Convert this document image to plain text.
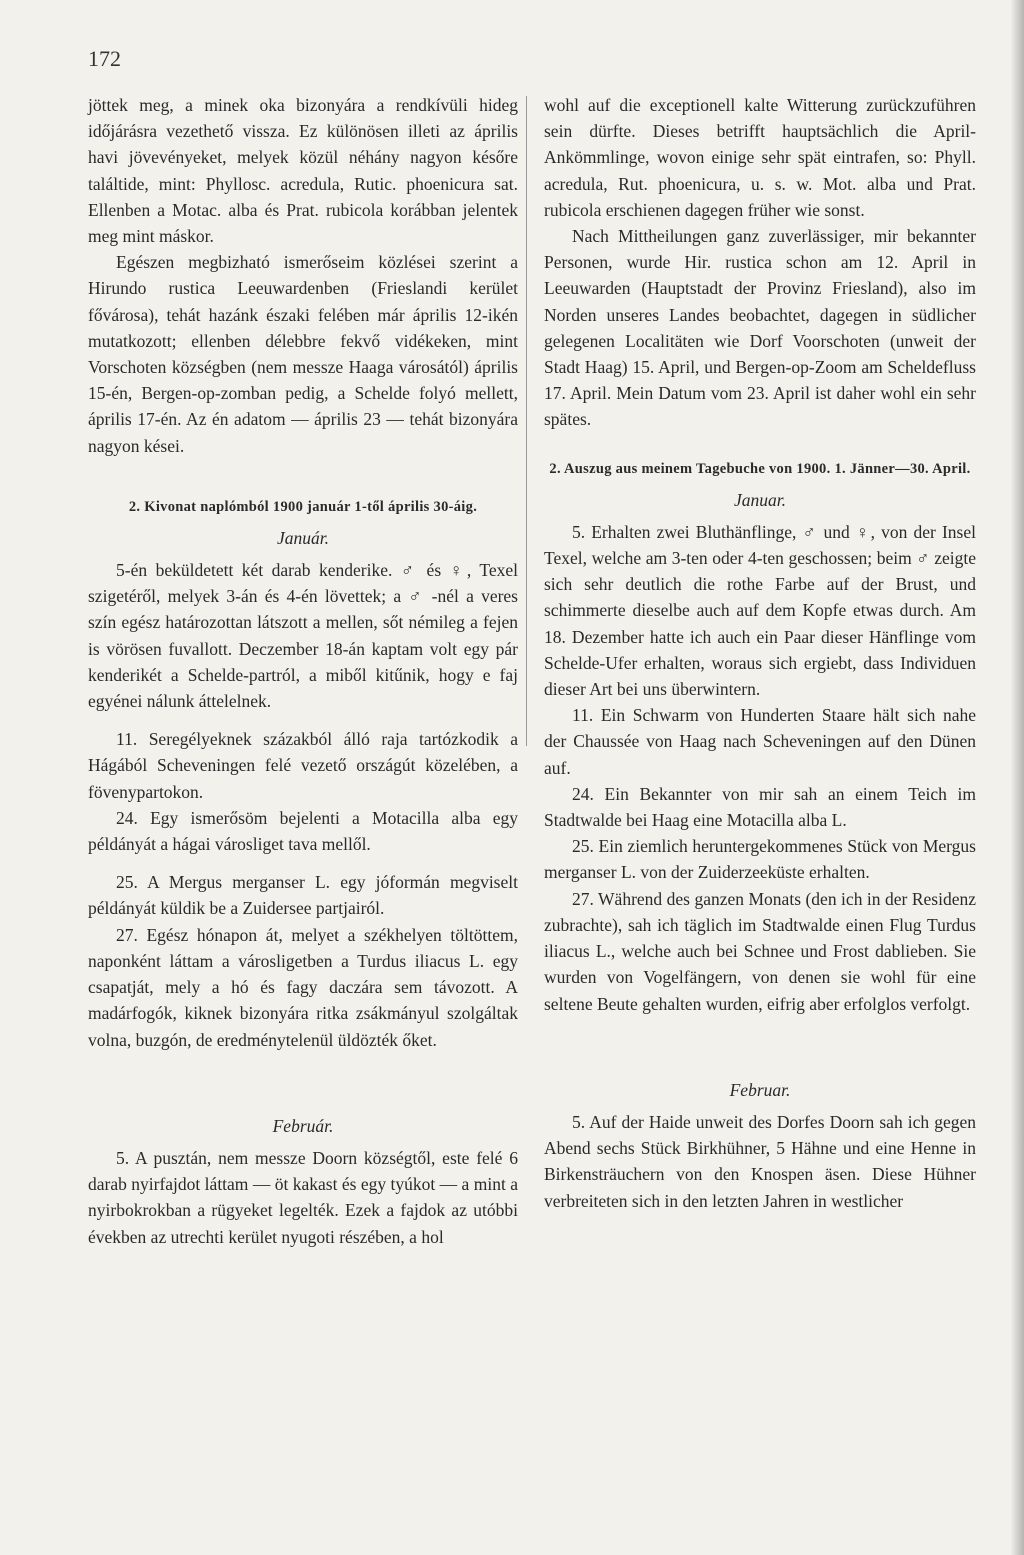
172

jöttek meg, a minek oka bizonyára a rendkívüli hideg időjárásra vezethető vissza. Ez különösen illeti az április havi jövevényeket, melyek közül néhány nagyon későre találtide, mint: Phyllosc. acredula, Rutic. phoenicura sat. Ellenben a Motac. alba és Prat. rubicola korábban jelentek meg mint máskor.

Egészen megbizható ismerőseim közlései szerint a Hirundo rustica Leeuwardenben (Frieslandi kerület fővárosa), tehát hazánk északi felében már április 12-ikén mutatkozott; ellenben délebbre fekvő vidékeken, mint Vorschoten községben (nem messze Haaga városától) április 15-én, Bergen-op-zomban pedig, a Schelde folyó mellett, április 17-én. Az én adatom — április 23 — tehát bizonyára nagyon kései.

2. Kivonat naplómból 1900 január 1-től április 30-áig.

Január.

5-én beküldetett két darab kenderike. ♂ és ♀, Texel szigetéről, melyek 3-án és 4-én lövettek; a ♂ -nél a veres szín egész határozottan látszott a mellen, sőt némileg a fejen is vörösen fuvallott. Deczember 18-án kaptam volt egy pár kenderikét a Schelde-partról, a miből kitűnik, hogy e faj egyénei nálunk áttelelnek.

11. Seregélyeknek százakból álló raja tartózkodik a Hágából Scheveningen felé vezető országút közelében, a fövenypartokon.

24. Egy ismerősöm bejelenti a Motacilla alba egy példányát a hágai városliget tava mellől.

25. A Mergus merganser L. egy jóformán megviselt példányát küldik be a Zuidersee partjairól.

27. Egész hónapon át, melyet a székhelyen töltöttem, naponként láttam a városligetben a Turdus iliacus L. egy csapatját, mely a hó és fagy daczára sem távozott. A madárfogók, kiknek bizonyára ritka zsákmányul szolgáltak volna, buzgón, de eredménytelenül üldözték őket.

Február.

5. A pusztán, nem messze Doorn községtől, este felé 6 darab nyirfajdot láttam — öt kakast és egy tyúkot — a mint a nyirbokrokban a rügyeket legelték. Ezek a fajdok az utóbbi években az utrechti kerület nyugoti részében, a hol

wohl auf die exceptionell kalte Witterung zurückzuführen sein dürfte. Dieses betrifft hauptsächlich die April-Ankömmlinge, wovon einige sehr spät eintrafen, so: Phyll. acredula, Rut. phoenicura, u. s. w. Mot. alba und Prat. rubicola erschienen dagegen früher wie sonst.

Nach Mittheilungen ganz zuverlässiger, mir bekannter Personen, wurde Hir. rustica schon am 12. April in Leeuwarden (Hauptstadt der Provinz Friesland), also im Norden unseres Landes beobachtet, dagegen in südlicher gelegenen Localitäten wie Dorf Voorschoten (unweit der Stadt Haag) 15. April, und Bergen-op-Zoom am Scheldefluss 17. April. Mein Datum vom 23. April ist daher wohl ein sehr spätes.

2. Auszug aus meinem Tagebuche von 1900. 1. Jänner—30. April.

Januar.

5. Erhalten zwei Bluthänflinge, ♂ und ♀, von der Insel Texel, welche am 3-ten oder 4-ten geschossen; beim ♂ zeigte sich sehr deutlich die rothe Farbe auf der Brust, und schimmerte dieselbe auch auf dem Kopfe etwas durch. Am 18. Dezember hatte ich auch ein Paar dieser Hänflinge vom Schelde-Ufer erhalten, woraus sich ergiebt, dass Individuen dieser Art bei uns überwintern.

11. Ein Schwarm von Hunderten Staare hält sich nahe der Chaussée von Haag nach Scheveningen auf den Dünen auf.

24. Ein Bekannter von mir sah an einem Teich im Stadtwalde bei Haag eine Motacilla alba L.

25. Ein ziemlich heruntergekommenes Stück von Mergus merganser L. von der Zuiderzeeküste erhalten.

27. Während des ganzen Monats (den ich in der Residenz zubrachte), sah ich täglich im Stadtwalde einen Flug Turdus iliacus L., welche auch bei Schnee und Frost dablieben. Sie wurden von Vogelfängern, von denen sie wohl für eine seltene Beute gehalten wurden, eifrig aber erfolglos verfolgt.

Februar.

5. Auf der Haide unweit des Dorfes Doorn sah ich gegen Abend sechs Stück Birkhühner, 5 Hähne und eine Henne in Birkensträuchern von den Knospen äsen. Diese Hühner verbreiteten sich in den letzten Jahren in westlicher
